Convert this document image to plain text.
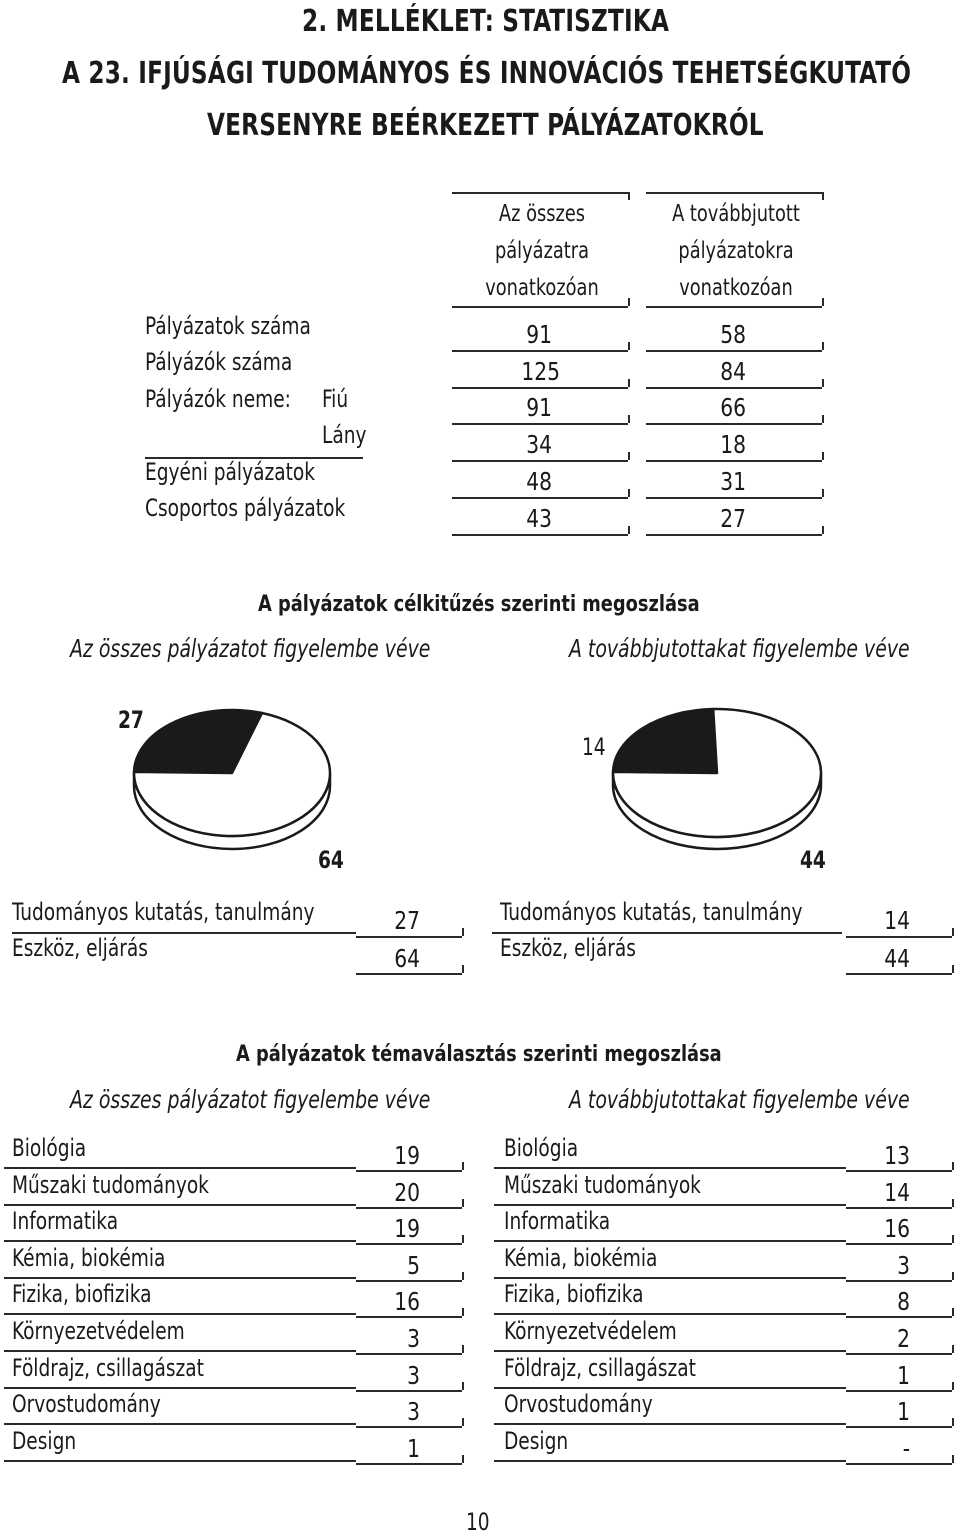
2. MELLÉKLET: STATISZTIKA
A 23. IFJÚSÁGI TUDOMÁNYOS ÉS INNOVÁCIÓS TEHETSÉGKUTATÓ
VERSENYRE BEÉRKEZETT PÁLYÁZATOKRÓL
Az összes
pályázatra
vonatkozóan
A továbbjutott
pályázatokra
vonatkozóan
Pályázatok száma	91	58
Pályázók száma	125	84
Pályázók neme: Fiú	91	66
Lány	34	18
Egyéni pályázatok	48	31
Csoportos pályázatok	43	27
A pályázatok célkitűzés szerinti megoszlása
Az összes pályázatot figyelembe véve	A továbbjutottakat figyelembe véve
27
64
14
44
Tudományos kutatás, tanulmány	27
Eszköz, eljárás	64
Tudományos kutatás, tanulmány	14
Eszköz, eljárás	44
A pályázatok témaválasztás szerinti megoszlása
Az összes pályázatot figyelembe véve	A továbbjutottakat figyelembe véve
Biológia	19
Műszaki tudományok	20
Informatika	19
Kémia, biokémia	5
Fizika, biofizika	16
Környezetvédelem	3
Földrajz, csillagászat	3
Orvostudomány	3
Design	1
Biológia	13
Műszaki tudományok	14
Informatika	16
Kémia, biokémia	3
Fizika, biofizika	8
Környezetvédelem	2
Földrajz, csillagászat	1
Orvostudomány	1
Design	-
10
